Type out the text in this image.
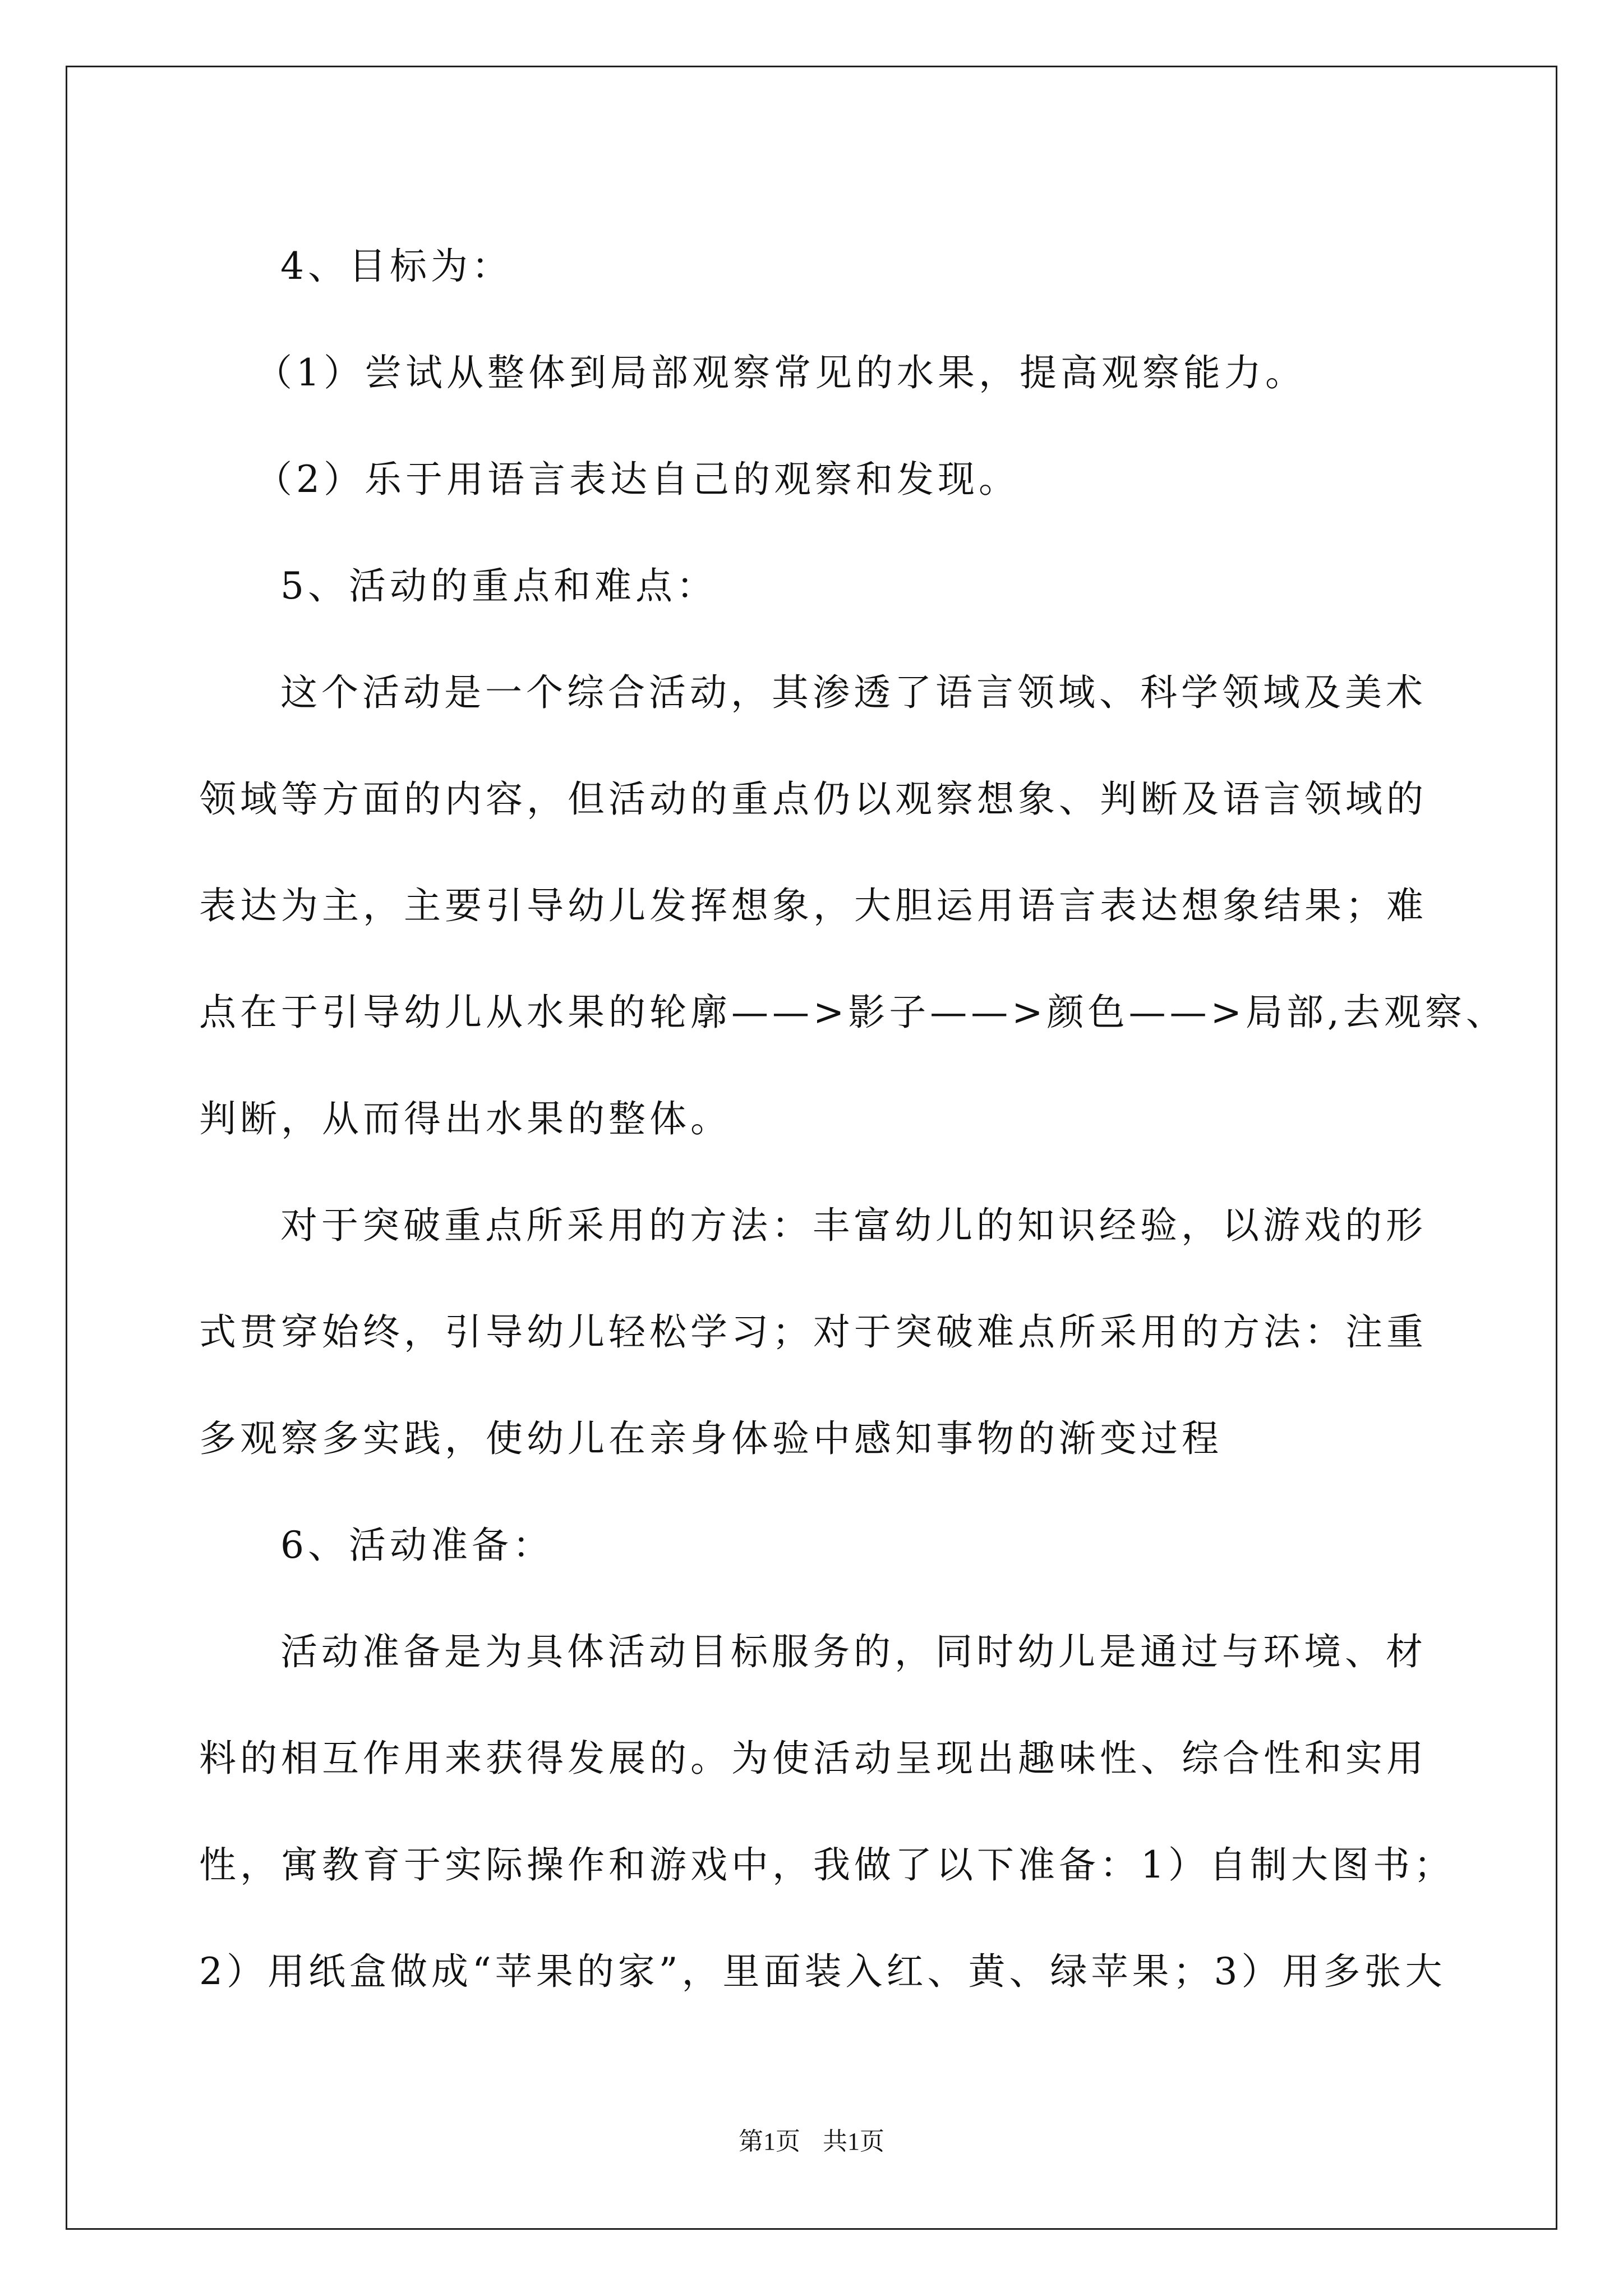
4、目标为：
（1）尝试从整体到局部观察常见的水果，提高观察能力。
（2）乐于用语言表达自己的观察和发现。
5、活动的重点和难点：
这个活动是一个综合活动，其渗透了语言领域、科学领域及美术
领域等方面的内容，但活动的重点仍以观察想象、判断及语言领域的
表达为主，主要引导幼儿发挥想象，大胆运用语言表达想象结果；难
点在于引导幼儿从水果的轮廓——>影子——>颜色——>局部,去观察、
判断，从而得出水果的整体。
对于突破重点所采用的方法：丰富幼儿的知识经验，以游戏的形
式贯穿始终，引导幼儿轻松学习；对于突破难点所采用的方法：注重
多观察多实践，使幼儿在亲身体验中感知事物的渐变过程
6、活动准备：
活动准备是为具体活动目标服务的，同时幼儿是通过与环境、材
料的相互作用来获得发展的。为使活动呈现出趣味性、综合性和实用
性，寓教育于实际操作和游戏中，我做了以下准备：1）自制大图书；
2）用纸盒做成“苹果的家”，里面装入红、黄、绿苹果；3）用多张大
第1页 共1页
